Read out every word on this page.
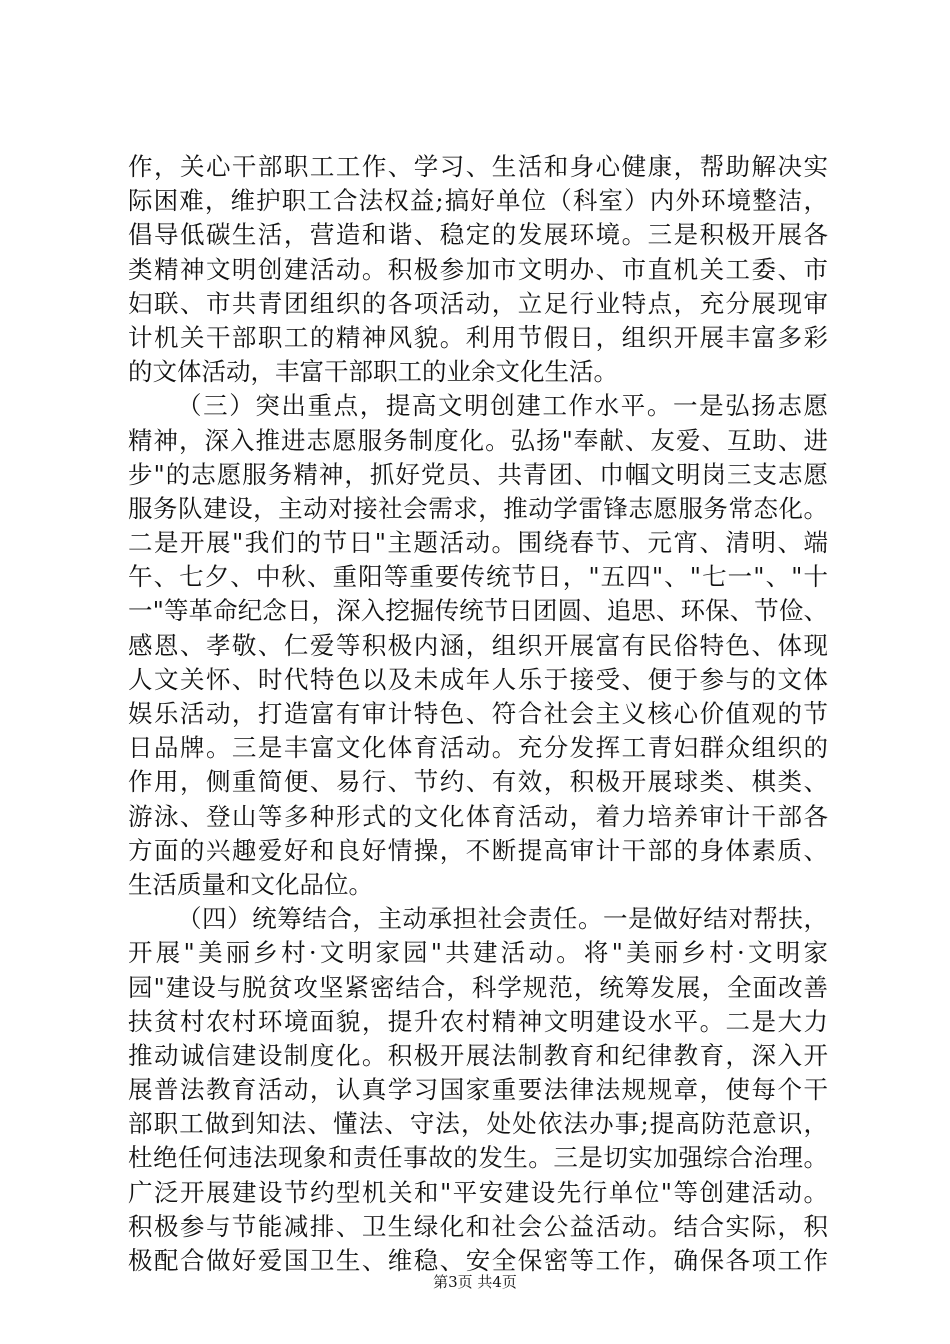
作，关心干部职工工作、学习、生活和身心健康，帮助解决实
际困难，维护职工合法权益;搞好单位（科室）内外环境整洁，
倡导低碳生活，营造和谐、稳定的发展环境。三是积极开展各
类精神文明创建活动。积极参加市文明办、市直机关工委、市
妇联、市共青团组织的各项活动，立足行业特点，充分展现审
计机关干部职工的精神风貌。利用节假日，组织开展丰富多彩
的文体活动，丰富干部职工的业余文化生活。
（三）突出重点，提高文明创建工作水平。一是弘扬志愿
精神，深入推进志愿服务制度化。弘扬"奉献、友爱、互助、进
步"的志愿服务精神，抓好党员、共青团、巾帼文明岗三支志愿
服务队建设，主动对接社会需求，推动学雷锋志愿服务常态化。
二是开展"我们的节日"主题活动。围绕春节、元宵、清明、端
午、七夕、中秋、重阳等重要传统节日，"五四"、"七一"、"十
一"等革命纪念日，深入挖掘传统节日团圆、追思、环保、节俭、
感恩、孝敬、仁爱等积极内涵，组织开展富有民俗特色、体现
人文关怀、时代特色以及未成年人乐于接受、便于参与的文体
娱乐活动，打造富有审计特色、符合社会主义核心价值观的节
日品牌。三是丰富文化体育活动。充分发挥工青妇群众组织的
作用，侧重简便、易行、节约、有效，积极开展球类、棋类、
游泳、登山等多种形式的文化体育活动，着力培养审计干部各
方面的兴趣爱好和良好情操，不断提高审计干部的身体素质、
生活质量和文化品位。
（四）统筹结合，主动承担社会责任。一是做好结对帮扶，
开展"美丽乡村·文明家园"共建活动。将"美丽乡村·文明家
园"建设与脱贫攻坚紧密结合，科学规范，统筹发展，全面改善
扶贫村农村环境面貌，提升农村精神文明建设水平。二是大力
推动诚信建设制度化。积极开展法制教育和纪律教育，深入开
展普法教育活动，认真学习国家重要法律法规规章，使每个干
部职工做到知法、懂法、守法，处处依法办事;提高防范意识，
杜绝任何违法现象和责任事故的发生。三是切实加强综合治理。
广泛开展建设节约型机关和"平安建设先行单位"等创建活动。
积极参与节能减排、卫生绿化和社会公益活动。结合实际，积
极配合做好爱国卫生、维稳、安全保密等工作，确保各项工作
第3页 共4页
